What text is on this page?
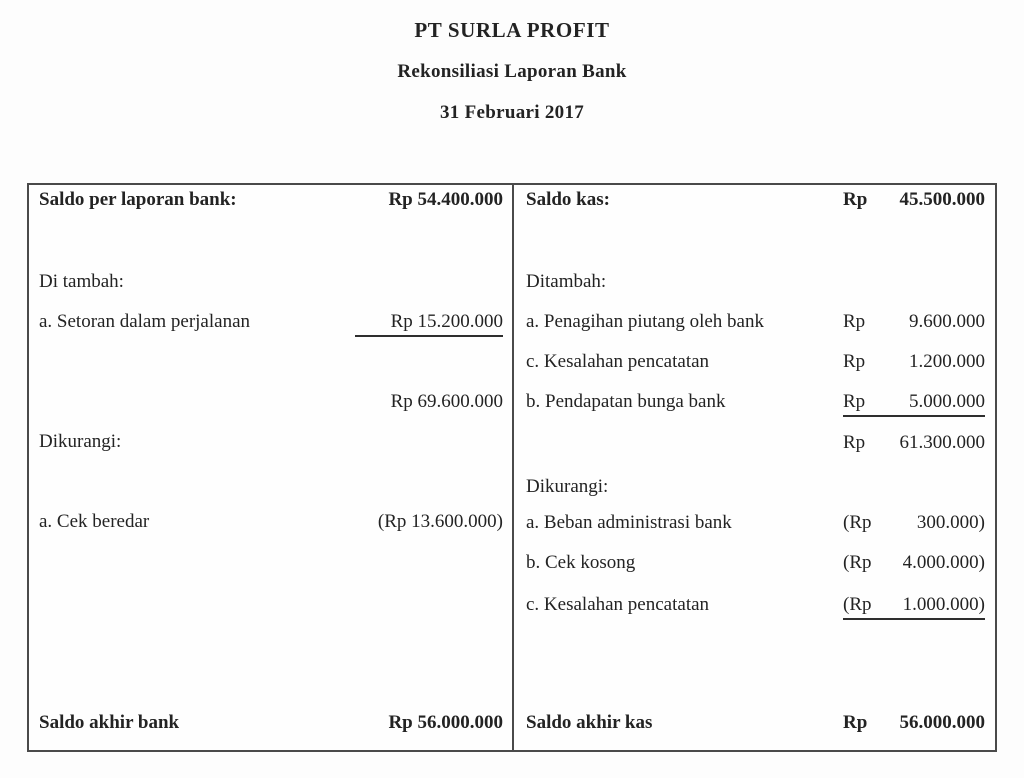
PT SURLA PROFIT
Rekonsiliasi Laporan Bank
31 Februari 2017
Saldo per laporan bank:	Rp 54.400.000
Di tambah:
a. Setoran dalam perjalanan	Rp 15.200.000
Rp 69.600.000
Dikurangi:
a. Cek beredar	(Rp 13.600.000)
Saldo akhir bank	Rp 56.000.000
Saldo kas:	Rp 45.500.000
Ditambah:
a. Penagihan piutang oleh bank	Rp 9.600.000
c. Kesalahan pencatatan	Rp 1.200.000
b. Pendapatan bunga bank	Rp 5.000.000
Rp 61.300.000
Dikurangi:
a. Beban administrasi bank	(Rp 300.000)
b. Cek kosong	(Rp 4.000.000)
c. Kesalahan pencatatan	(Rp 1.000.000)
Saldo akhir kas	Rp 56.000.000
